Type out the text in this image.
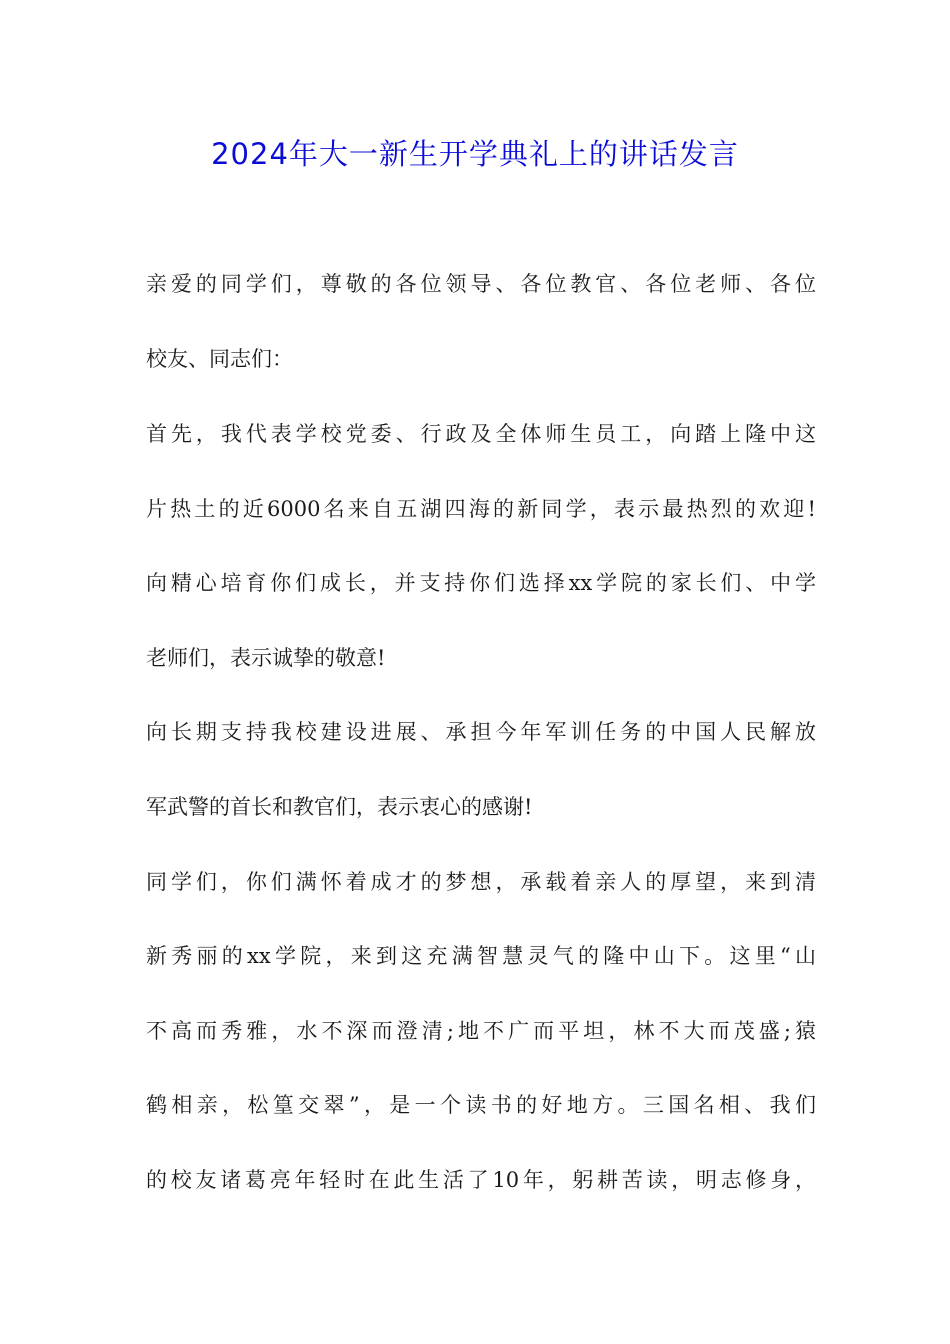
2024年大一新生开学典礼上的讲话发言
亲爱的同学们，尊敬的各位领导、各位教官、各位老师、各位
校友、同志们：
首先，我代表学校党委、行政及全体师生员工，向踏上隆中这
片热土的近6000名来自五湖四海的新同学，表示最热烈的欢迎!
向精心培育你们成长，并支持你们选择xx学院的家长们、中学
老师们，表示诚挚的敬意!
向长期支持我校建设进展、承担今年军训任务的中国人民解放
军武警的首长和教官们，表示衷心的感谢!
同学们，你们满怀着成才的梦想，承载着亲人的厚望，来到清
新秀丽的xx学院，来到这充满智慧灵气的隆中山下。这里“山
不高而秀雅，水不深而澄清;地不广而平坦，林不大而茂盛;猿
鹤相亲，松篁交翠”，是一个读书的好地方。三国名相、我们
的校友诸葛亮年轻时在此生活了10年，躬耕苦读，明志修身，
